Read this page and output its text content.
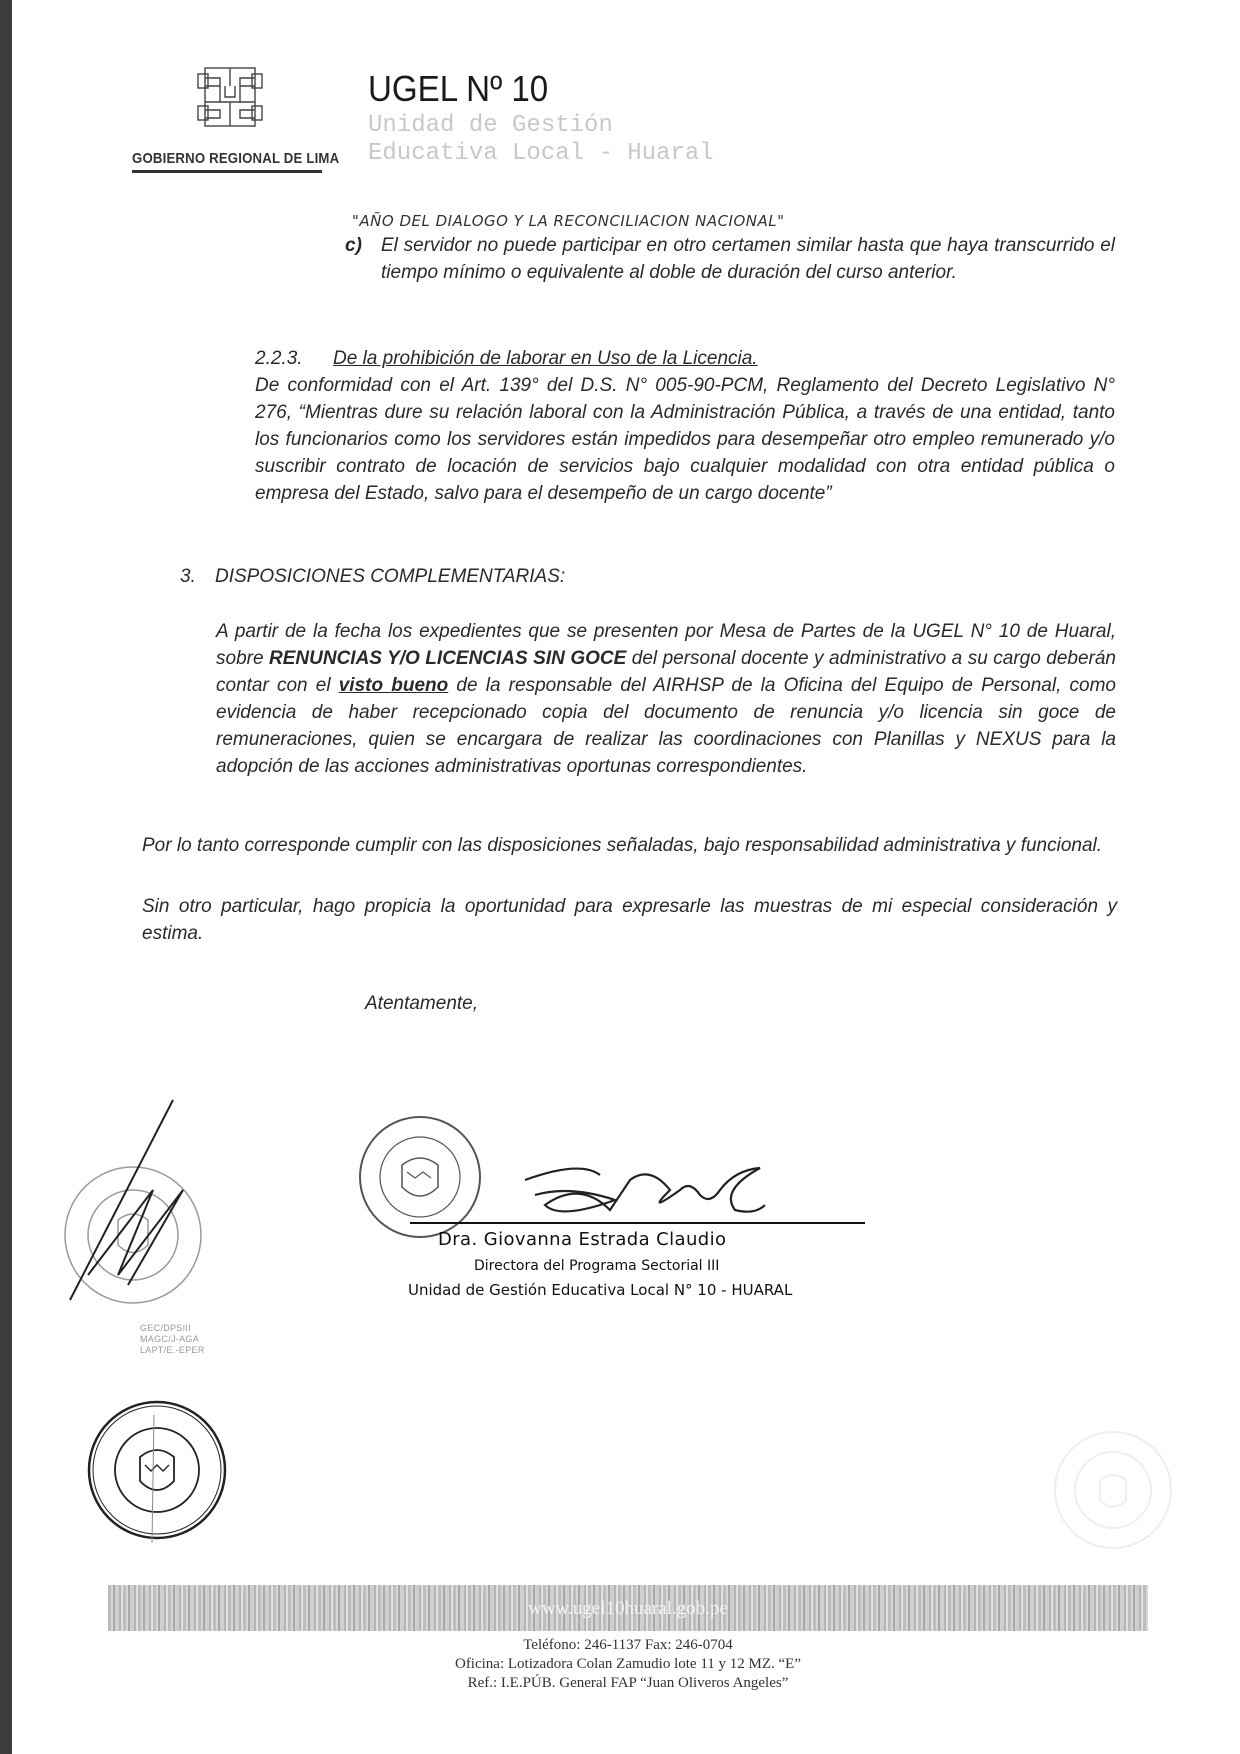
GOBIERNO REGIONAL DE LIMA
UGEL Nº 10
Unidad de Gestión
Educativa Local - Huaral
"AÑO DEL DIALOGO Y LA RECONCILIACION NACIONAL"
c) El servidor no puede participar en otro certamen similar hasta que haya transcurrido el tiempo mínimo o equivalente al doble de duración del curso anterior.
2.2.3. De la prohibición de laborar en Uso de la Licencia.
De conformidad con el Art. 139° del D.S. N° 005-90-PCM, Reglamento del Decreto Legislativo N° 276, “Mientras dure su relación laboral con la Administración Pública, a través de una entidad, tanto los funcionarios como los servidores están impedidos para desempeñar otro empleo remunerado y/o suscribir contrato de locación de servicios bajo cualquier modalidad con otra entidad pública o empresa del Estado, salvo para el desempeño de un cargo docente”
3. DISPOSICIONES COMPLEMENTARIAS:
A partir de la fecha los expedientes que se presenten por Mesa de Partes de la UGEL N° 10 de Huaral, sobre RENUNCIAS Y/O LICENCIAS SIN GOCE del personal docente y administrativo a su cargo deberán contar con el visto bueno de la responsable del AIRHSP de la Oficina del Equipo de Personal, como evidencia de haber recepcionado copia del documento de renuncia y/o licencia sin goce de remuneraciones, quien se encargara de realizar las coordinaciones con Planillas y NEXUS para la adopción de las acciones administrativas oportunas correspondientes.
Por lo tanto corresponde cumplir con las disposiciones señaladas, bajo responsabilidad administrativa y funcional.
Sin otro particular, hago propicia la oportunidad para expresarle las muestras de mi especial consideración y estima.
Atentamente,
Dra. Giovanna Estrada Claudio
Directora del Programa Sectorial III
Unidad de Gestión Educativa Local N° 10 - HUARAL
GEC/DPSIII
MAGC/J-AGA
LAPT/E.-EPER
www.ugel10huaral.gob.pe
Teléfono: 246-1137 Fax: 246-0704
Oficina: Lotizadora Colan Zamudio lote 11 y 12 MZ. “E”
Ref.: I.E.PÚB. General FAP “Juan Oliveros Angeles”
